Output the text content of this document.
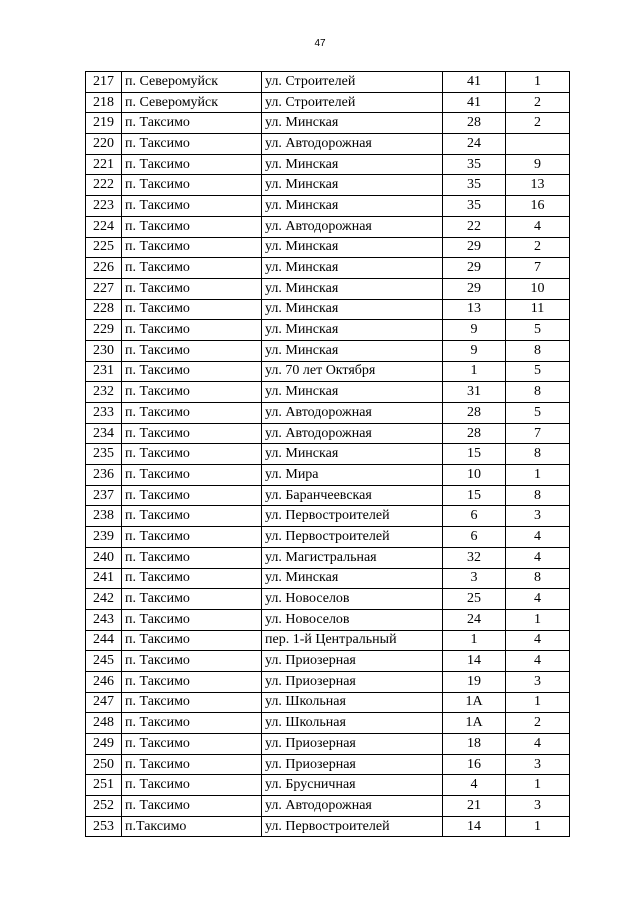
47
217	п. Северомуйск	ул. Строителей	41	1
218	п. Северомуйск	ул. Строителей	41	2
219	п. Таксимо	ул. Минская	28	2
220	п. Таксимо	ул. Автодорожная	24	
221	п. Таксимо	ул. Минская	35	9
222	п. Таксимо	ул. Минская	35	13
223	п. Таксимо	ул. Минская	35	16
224	п. Таксимо	ул. Автодорожная	22	4
225	п. Таксимо	ул. Минская	29	2
226	п. Таксимо	ул. Минская	29	7
227	п. Таксимо	ул. Минская	29	10
228	п. Таксимо	ул. Минская	13	11
229	п. Таксимо	ул. Минская	9	5
230	п. Таксимо	ул. Минская	9	8
231	п. Таксимо	ул. 70 лет Октября	1	5
232	п. Таксимо	ул. Минская	31	8
233	п. Таксимо	ул. Автодорожная	28	5
234	п. Таксимо	ул. Автодорожная	28	7
235	п. Таксимо	ул. Минская	15	8
236	п. Таксимо	ул. Мира	10	1
237	п. Таксимо	ул. Баранчеевская	15	8
238	п. Таксимо	ул. Первостроителей	6	3
239	п. Таксимо	ул. Первостроителей	6	4
240	п. Таксимо	ул. Магистральная	32	4
241	п. Таксимо	ул. Минская	3	8
242	п. Таксимо	ул. Новоселов	25	4
243	п. Таксимо	ул. Новоселов	24	1
244	п. Таксимо	пер. 1-й Центральный	1	4
245	п. Таксимо	ул. Приозерная	14	4
246	п. Таксимо	ул. Приозерная	19	3
247	п. Таксимо	ул. Школьная	1А	1
248	п. Таксимо	ул. Школьная	1А	2
249	п. Таксимо	ул. Приозерная	18	4
250	п. Таксимо	ул. Приозерная	16	3
251	п. Таксимо	ул. Брусничная	4	1
252	п. Таксимо	ул. Автодорожная	21	3
253	п.Таксимо	ул. Первостроителей	14	1
